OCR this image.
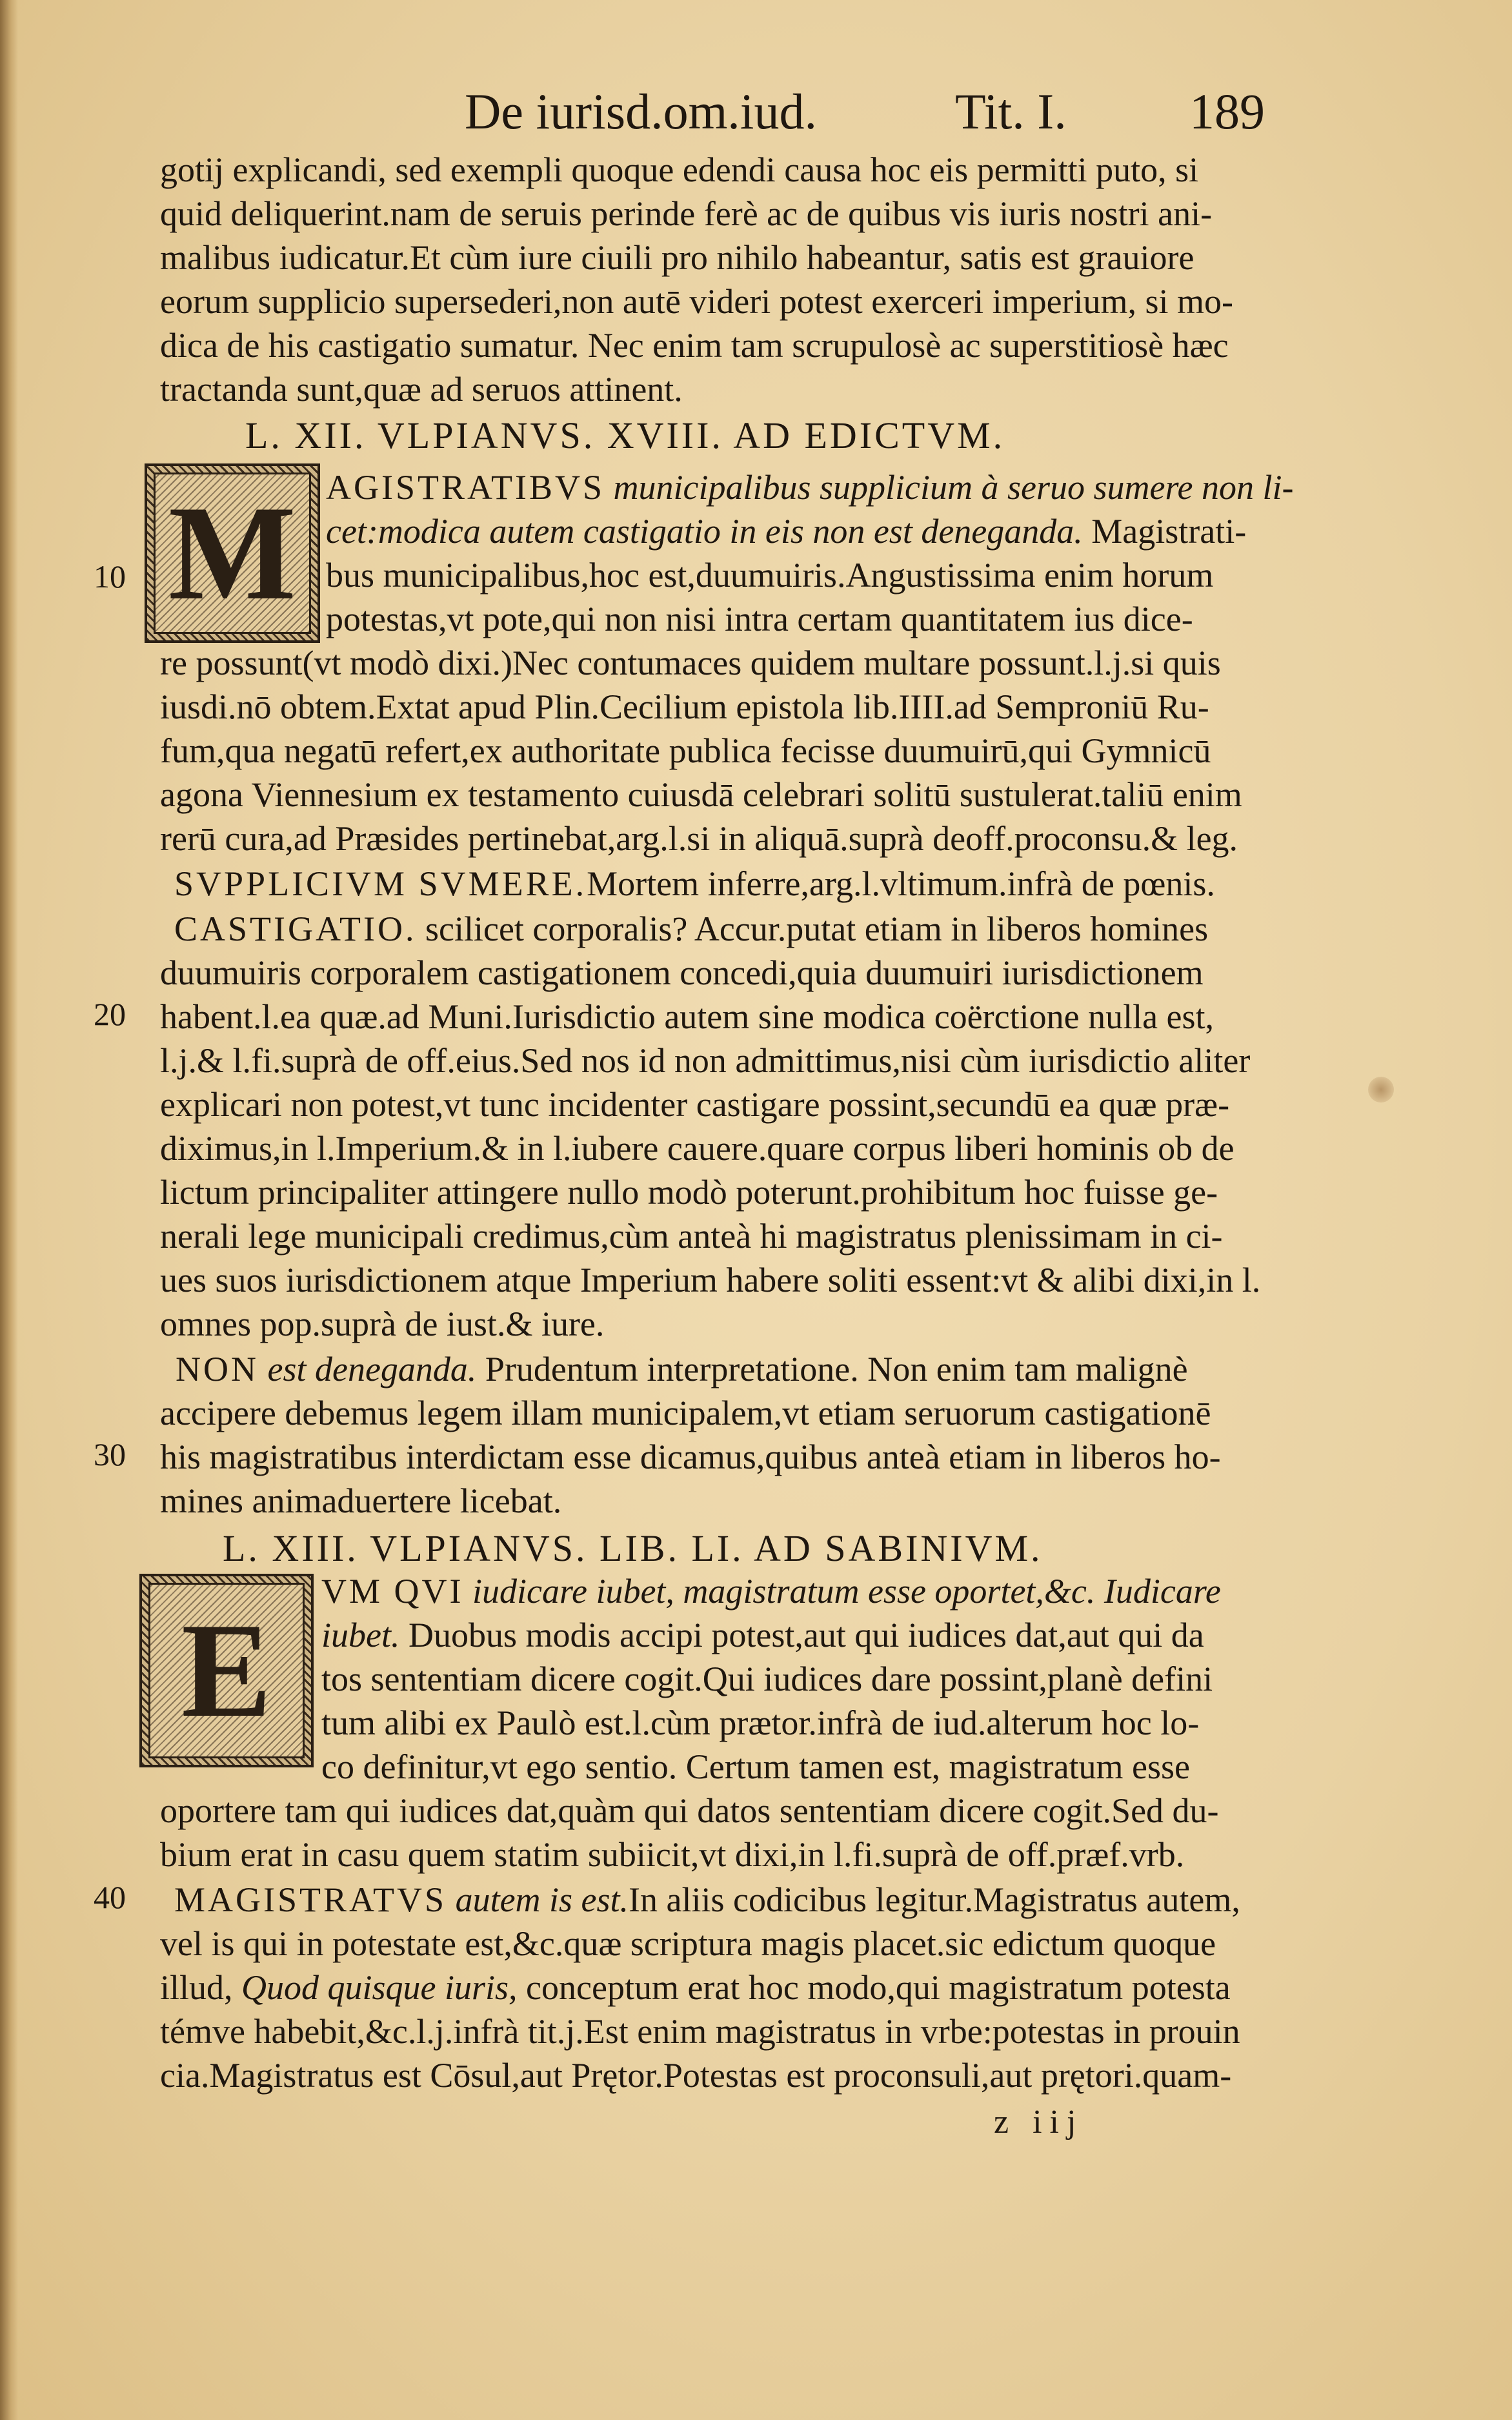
De iurisd.om.iud.	Tit. I. 189
gotij explicandi, sed exempli quoque edendi causa hoc eis permitti puto, si
quid deliquerint.nam de seruis perinde ferè ac de quibus vis iuris nostri ani-
malibus iudicatur.Et cùm iure ciuili pro nihilo habeantur, satis est grauiore
eorum supplicio supersederi,non autē videri potest exerceri imperium, si mo-
dica de his castigatio sumatur. Nec enim tam scrupulosè ac superstitiosè hæc
tractanda sunt,quæ ad seruos attinent.
L. XII. VLPIANVS. XVIII. AD EDICTVM.
M AGISTRATIBVS municipalibus supplicium à seruo sumere non li-
cet:modica autem castigatio in eis non est deneganda. Magistrati-
bus municipalibus,hoc est,duumuiris.Angustissima enim horum
potestas,vt pote,qui non nisi intra certam quantitatem ius dice-
re possunt(vt modò dixi.)Nec contumaces quidem multare possunt.l.j.si quis
iusdi.nō obtem.Extat apud Plin.Cecilium epistola lib.IIII.ad Semproniū Ru-
fum,qua negatū refert,ex authoritate publica fecisse duumuirū,qui Gymnicū
agona Viennesium ex testamento cuiusdā celebrari solitū sustulerat.taliū enim
rerū cura,ad Præsides pertinebat,arg.l.si in aliquā.suprà deoff.proconsu.& leg.
SVPPLICIVM SVMERE.Mortem inferre,arg.l.vltimum.infrà de pœnis.
CASTIGATIO. scilicet corporalis? Accur.putat etiam in liberos homines
duumuiris corporalem castigationem concedi,quia duumuiri iurisdictionem
habent.l.ea quæ.ad Muni.Iurisdictio autem sine modica coërctione nulla est,
l.j.& l.fi.suprà de off.eius.Sed nos id non admittimus,nisi cùm iurisdictio aliter
explicari non potest,vt tunc incidenter castigare possint,secundū ea quæ præ-
diximus,in l.Imperium.& in l.iubere cauere.quare corpus liberi hominis ob de
lictum principaliter attingere nullo modò poterunt.prohibitum hoc fuisse ge-
nerali lege municipali credimus,cùm anteà hi magistratus plenissimam in ci-
ues suos iurisdictionem atque Imperium habere soliti essent:vt & alibi dixi,in l.
omnes pop.suprà de iust.& iure.
NON est deneganda. Prudentum interpretatione. Non enim tam malignè
accipere debemus legem illam municipalem,vt etiam seruorum castigationē
his magistratibus interdictam esse dicamus,quibus anteà etiam in liberos ho-
mines animaduertere licebat.
L. XIII. VLPIANVS. LIB. LI. AD SABINIVM.
E
VM QVI iudicare iubet, magistratum esse oportet,&c. Iudicare
iubet. Duobus modis accipi potest,aut qui iudices dat,aut qui da
tos sententiam dicere cogit.Qui iudices dare possint,planè defini
tum alibi ex Paulò est.l.cùm prætor.infrà de iud.alterum hoc lo-
co definitur,vt ego sentio. Certum tamen est, magistratum esse
oportere tam qui iudices dat,quàm qui datos sententiam dicere cogit.Sed du-
bium erat in casu quem statim subiicit,vt dixi,in l.fi.suprà de off.præf.vrb.
MAGISTRATVS autem is est.In aliis codicibus legitur.Magistratus autem,
vel is qui in potestate est,&c.quæ scriptura magis placet.sic edictum quoque
illud, Quod quisque iuris, conceptum erat hoc modo,qui magistratum potesta
témve habebit,&c.l.j.infrà tit.j.Est enim magistratus in vrbe:potestas in prouin
cia.Magistratus est Cōsul,aut Prętor.Potestas est proconsuli,aut prętori.quam-
10
20
30
40
z iij
